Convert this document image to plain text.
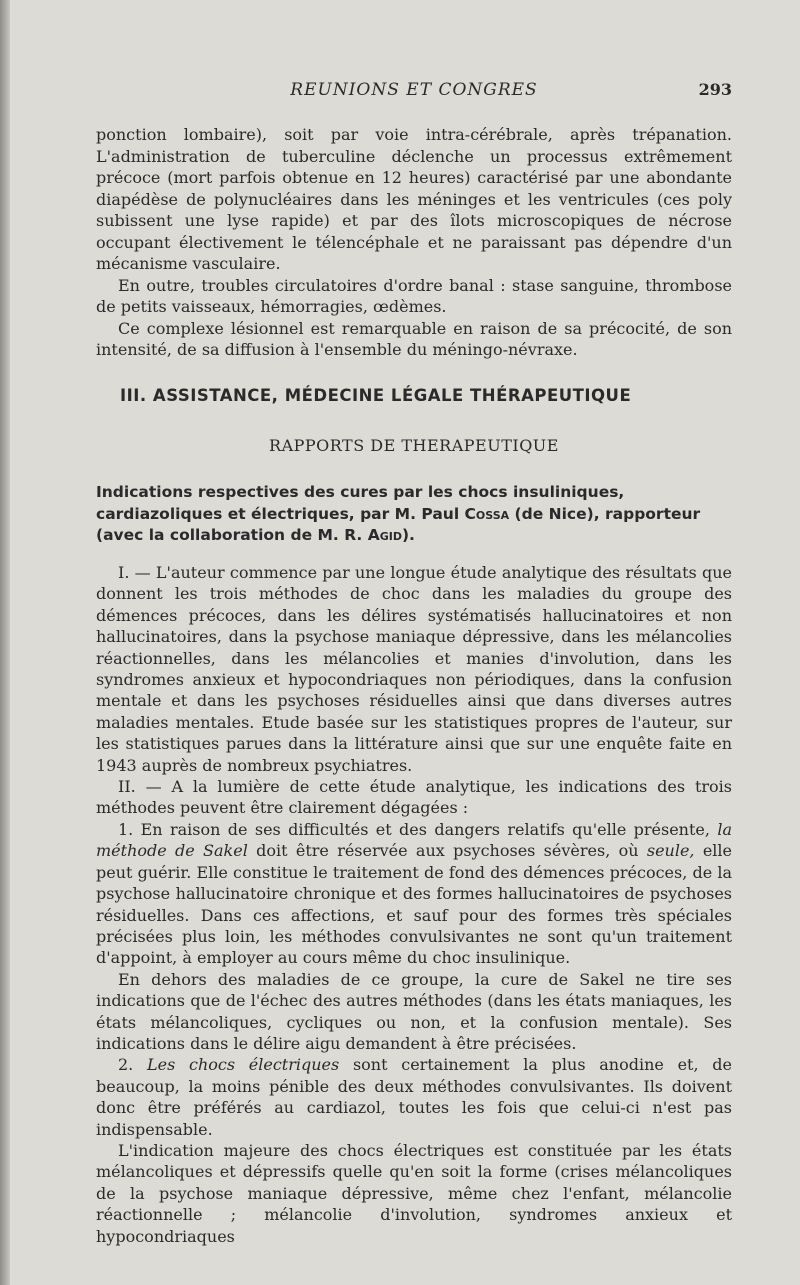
REUNIONS ET CONGRES	293

ponction lombaire), soit par voie intra-cérébrale, après trépanation. L'administration de tuberculine déclenche un processus extrêmement précoce (mort parfois obtenue en 12 heures) caractérisé par une abondante diapédèse de polynucléaires dans les méninges et les ventricules (ces poly subissent une lyse rapide) et par des îlots microscopiques de nécrose occupant électivement le télencéphale et ne paraissant pas dépendre d'un mécanisme vasculaire.

En outre, troubles circulatoires d'ordre banal : stase sanguine, thrombose de petits vaisseaux, hémorragies, œdèmes.

Ce complexe lésionnel est remarquable en raison de sa précocité, de son intensité, de sa diffusion à l'ensemble du méningo-névraxe.

III. ASSISTANCE, MÉDECINE LÉGALE THÉRAPEUTIQUE
RAPPORTS DE THERAPEUTIQUE
Indications respectives des cures par les chocs insuliniques, cardiazoliques et électriques, par M. Paul Cossa (de Nice), rapporteur (avec la collaboration de M. R. Agid).

I. — L'auteur commence par une longue étude analytique des résultats que donnent les trois méthodes de choc dans les maladies du groupe des démences précoces, dans les délires systématisés hallucinatoires et non hallucinatoires, dans la psychose maniaque dépressive, dans les mélancolies réactionnelles, dans les mélancolies et manies d'involution, dans les syndromes anxieux et hypocondriaques non périodiques, dans la confusion mentale et dans les psychoses résiduelles ainsi que dans diverses autres maladies mentales. Etude basée sur les statistiques propres de l'auteur, sur les statistiques parues dans la littérature ainsi que sur une enquête faite en 1943 auprès de nombreux psychiatres.

II. — A la lumière de cette étude analytique, les indications des trois méthodes peuvent être clairement dégagées :

1. En raison de ses difficultés et des dangers relatifs qu'elle présente, la méthode de Sakel doit être réservée aux psychoses sévères, où seule, elle peut guérir. Elle constitue le traitement de fond des démences précoces, de la psychose hallucinatoire chronique et des formes hallucinatoires de psychoses résiduelles. Dans ces affections, et sauf pour des formes très spéciales précisées plus loin, les méthodes convulsivantes ne sont qu'un traitement d'appoint, à employer au cours même du choc insulinique.

En dehors des maladies de ce groupe, la cure de Sakel ne tire ses indications que de l'échec des autres méthodes (dans les états maniaques, les états mélancoliques, cycliques ou non, et la confusion mentale). Ses indications dans le délire aigu demandent à être précisées.

2. Les chocs électriques sont certainement la plus anodine et, de beaucoup, la moins pénible des deux méthodes convulsivantes. Ils doivent donc être préférés au cardiazol, toutes les fois que celui-ci n'est pas indispensable.

L'indication majeure des chocs électriques est constituée par les états mélancoliques et dépressifs quelle qu'en soit la forme (crises mélancoliques de la psychose maniaque dépressive, même chez l'enfant, mélancolie réactionnelle ; mélancolie d'involution, syndromes anxieux et hypocondriaques
